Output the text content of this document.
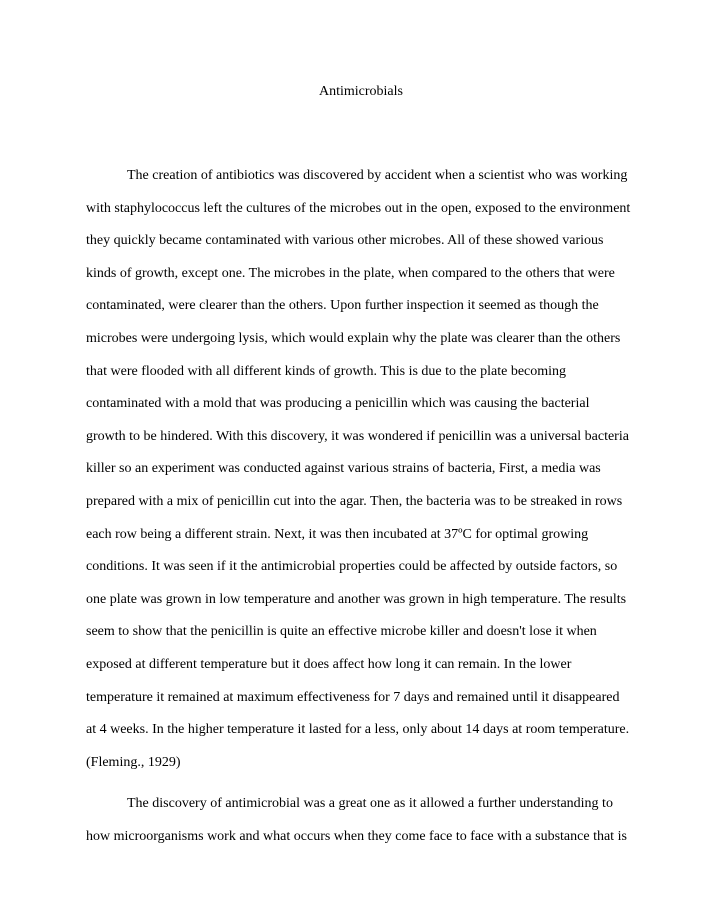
Antimicrobials
The creation of antibiotics was discovered by accident when a scientist who was working
with staphylococcus left the cultures of the microbes out in the open, exposed to the environment
they quickly became contaminated with various other microbes. All of these showed various
kinds of growth, except one. The microbes in the plate, when compared to the others that were
contaminated, were clearer than the others. Upon further inspection it seemed as though the
microbes were undergoing lysis, which would explain why the plate was clearer than the others
that were flooded with all different kinds of growth. This is due to the plate becoming
contaminated with a mold that was producing a penicillin which was causing the bacterial
growth to be hindered. With this discovery, it was wondered if penicillin was a universal bacteria
killer so an experiment was conducted against various strains of bacteria, First, a media was
prepared with a mix of penicillin cut into the agar. Then, the bacteria was to be streaked in rows
each row being a different strain. Next, it was then incubated at 37ºC for optimal growing
conditions. It was seen if it the antimicrobial properties could be affected by outside factors, so
one plate was grown in low temperature and another was grown in high temperature. The results
seem to show that the penicillin is quite an effective microbe killer and doesn't lose it when
exposed at different temperature but it does affect how long it can remain. In the lower
temperature it remained at maximum effectiveness for 7 days and remained until it disappeared
at 4 weeks. In the higher temperature it lasted for a less, only about 14 days at room temperature.
(Fleming., 1929)
The discovery of antimicrobial was a great one as it allowed a further understanding to
how microorganisms work and what occurs when they come face to face with a substance that is
